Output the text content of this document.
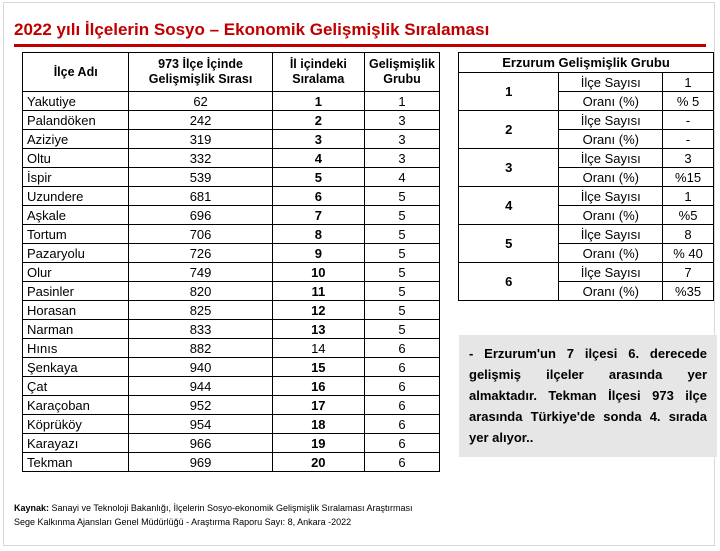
2022 yılı İlçelerin Sosyo – Ekonomik Gelişmişlik Sıralaması
İlçe Adı	973 İlçe İçinde Gelişmişlik Sırası	İl içindeki Sıralama	Gelişmişlik Grubu
Yakutiye	62	1	1
Palandöken	242	2	3
Aziziye	319	3	3
Oltu	332	4	3
İspir	539	5	4
Uzundere	681	6	5
Aşkale	696	7	5
Tortum	706	8	5
Pazaryolu	726	9	5
Olur	749	10	5
Pasinler	820	11	5
Horasan	825	12	5
Narman	833	13	5
Hınıs	882	14	6
Şenkaya	940	15	6
Çat	944	16	6
Karaçoban	952	17	6
Köprüköy	954	18	6
Karayazı	966	19	6
Tekman	969	20	6
Erzurum Gelişmişlik Grubu		
1	İlçe Sayısı	1
	Oranı (%)	% 5
2	İlçe Sayısı	-
	Oranı (%)	-
3	İlçe Sayısı	3
	Oranı (%)	%15
4	İlçe Sayısı	1
	Oranı (%)	%5
5	İlçe Sayısı	8
	Oranı (%)	% 40
6	İlçe Sayısı	7
	Oranı (%)	%35
- Erzurum'un 7 ilçesi 6. derecede gelişmiş ilçeler arasında yer almaktadır. Tekman İlçesi 973 ilçe arasında Türkiye'de sonda 4. sırada yer alıyor..
Kaynak: Sanayi ve Teknoloji Bakanlığı, İlçelerin Sosyo-ekonomik Gelişmişlik Sıralaması Araştırması
Sege Kalkınma Ajansları Genel Müdürlüğü - Araştırma Raporu Sayı: 8, Ankara -2022
